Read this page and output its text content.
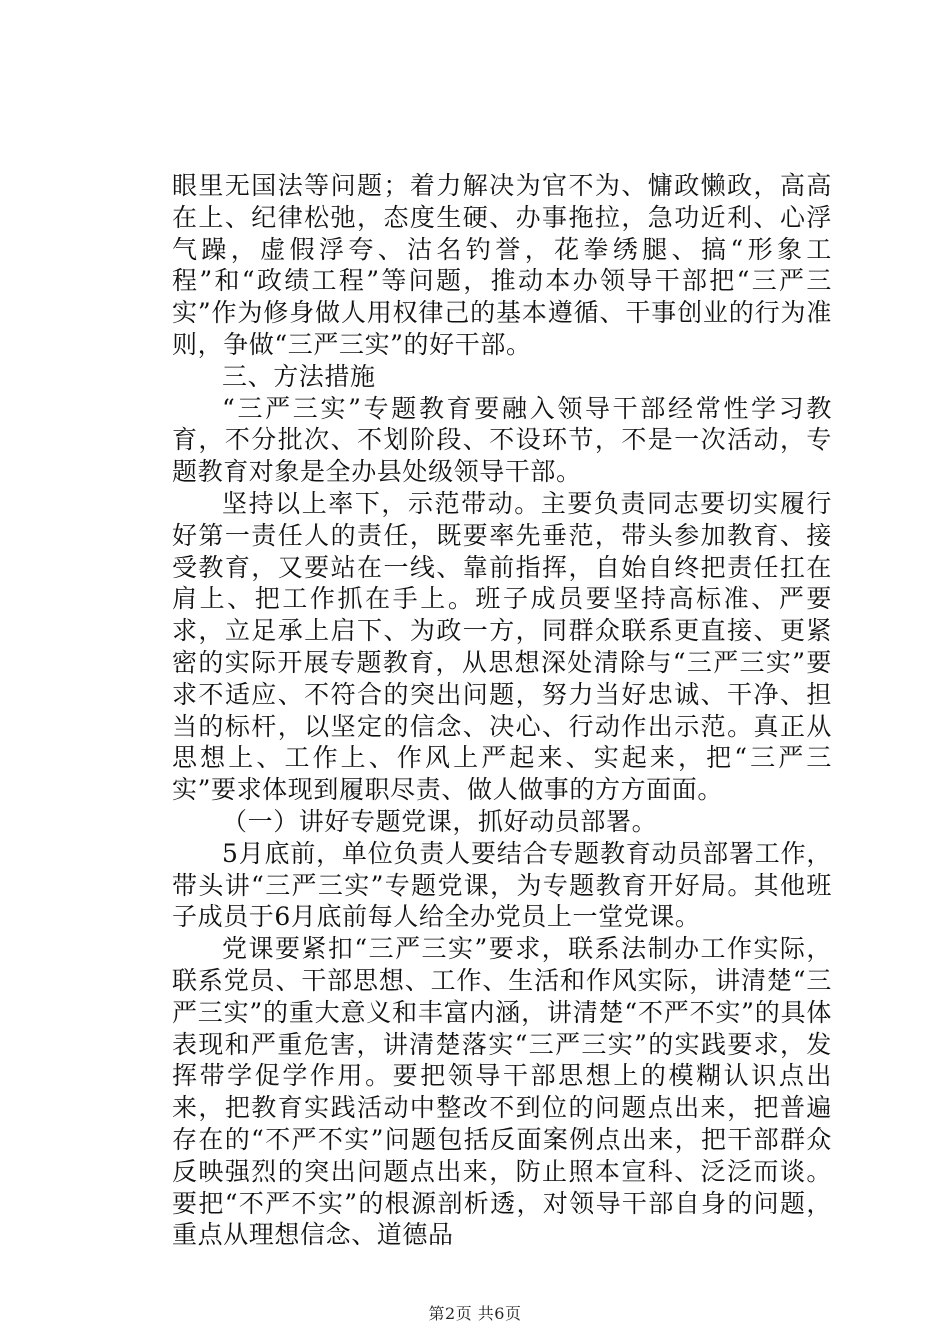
眼里无国法等问题；着力解决为官不为、慵政懒政，高高在上、纪律松弛，态度生硬、办事拖拉，急功近利、心浮气躁，虚假浮夸、沽名钓誉，花拳绣腿、搞“形象工程”和“政绩工程”等问题，推动本办领导干部把“三严三实”作为修身做人用权律己的基本遵循、干事创业的行为准则，争做“三严三实”的好干部。

三、方法措施

“三严三实”专题教育要融入领导干部经常性学习教育，不分批次、不划阶段、不设环节，不是一次活动，专题教育对象是全办县处级领导干部。

坚持以上率下，示范带动。主要负责同志要切实履行好第一责任人的责任，既要率先垂范，带头参加教育、接受教育，又要站在一线、靠前指挥，自始自终把责任扛在肩上、把工作抓在手上。班子成员要坚持高标准、严要求，立足承上启下、为政一方，同群众联系更直接、更紧密的实际开展专题教育，从思想深处清除与“三严三实”要求不适应、不符合的突出问题，努力当好忠诚、干净、担当的标杆，以坚定的信念、决心、行动作出示范。真正从思想上、工作上、作风上严起来、实起来，把“三严三实”要求体现到履职尽责、做人做事的方方面面。

（一）讲好专题党课，抓好动员部署。

5月底前，单位负责人要结合专题教育动员部署工作，带头讲“三严三实”专题党课，为专题教育开好局。其他班子成员于6月底前每人给全办党员上一堂党课。

党课要紧扣“三严三实”要求，联系法制办工作实际，联系党员、干部思想、工作、生活和作风实际，讲清楚“三严三实”的重大意义和丰富内涵，讲清楚“不严不实”的具体表现和严重危害，讲清楚落实“三严三实”的实践要求，发挥带学促学作用。要把领导干部思想上的模糊认识点出来，把教育实践活动中整改不到位的问题点出来，把普遍存在的“不严不实”问题包括反面案例点出来，把干部群众反映强烈的突出问题点出来，防止照本宣科、泛泛而谈。要把“不严不实”的根源剖析透，对领导干部自身的问题，重点从理想信念、道德品

第2页 共6页
